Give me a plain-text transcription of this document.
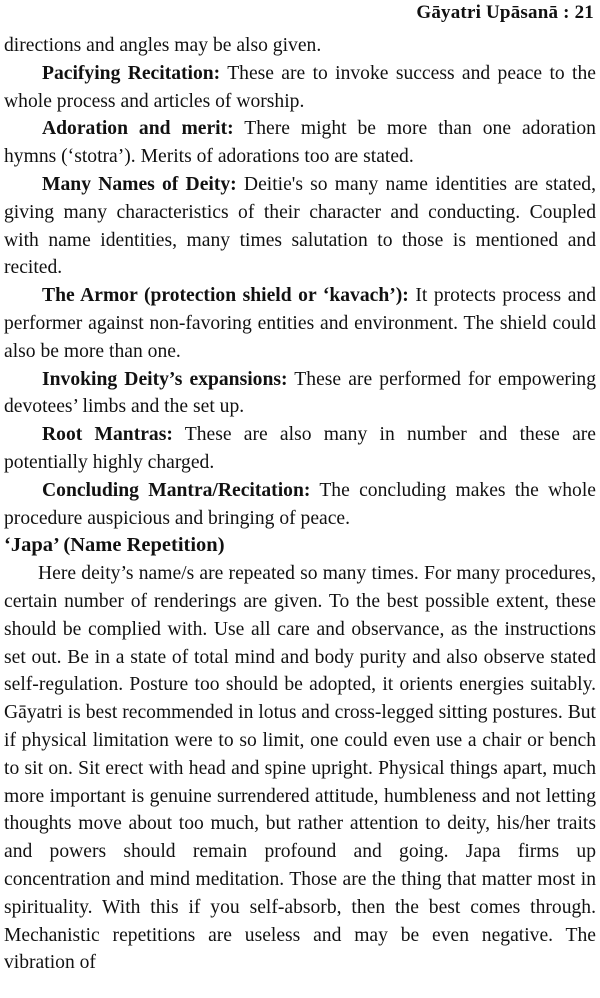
Gāyatri Upāsanā : 21

directions and angles may be also given.

Pacifying Recitation: These are to invoke success and peace to the whole process and articles of worship.

Adoration and merit: There might be more than one adoration hymns (‘stotra’). Merits of adorations too are stated.

Many Names of Deity: Deitie's so many name identities are stated, giving many characteristics of their character and conducting. Coupled with name identities, many times salutation to those is mentioned and recited.

The Armor (protection shield or ‘kavach’): It protects process and performer against non-favoring entities and environment. The shield could also be more than one.

Invoking Deity’s expansions: These are performed for empowering devotees’ limbs and the set up.

Root Mantras: These are also many in number and these are potentially highly charged.

Concluding Mantra/Recitation: The concluding makes the whole procedure auspicious and bringing of peace.

‘Japa’ (Name Repetition)

Here deity’s name/s are repeated so many times. For many procedures, certain number of renderings are given. To the best possible extent, these should be complied with. Use all care and observance, as the instructions set out. Be in a state of total mind and body purity and also observe stated self-regulation. Posture too should be adopted, it orients energies suitably. Gāyatri is best recommended in lotus and cross-legged sitting postures. But if physical limitation were to so limit, one could even use a chair or bench to sit on. Sit erect with head and spine upright. Physical things apart, much more important is genuine surrendered attitude, humbleness and not letting thoughts move about too much, but rather attention to deity, his/her traits and powers should remain profound and going. Japa firms up concentration and mind meditation. Those are the thing that matter most in spirituality. With this if you self-absorb, then the best comes through. Mechanistic repetitions are useless and may be even negative. The vibration of
